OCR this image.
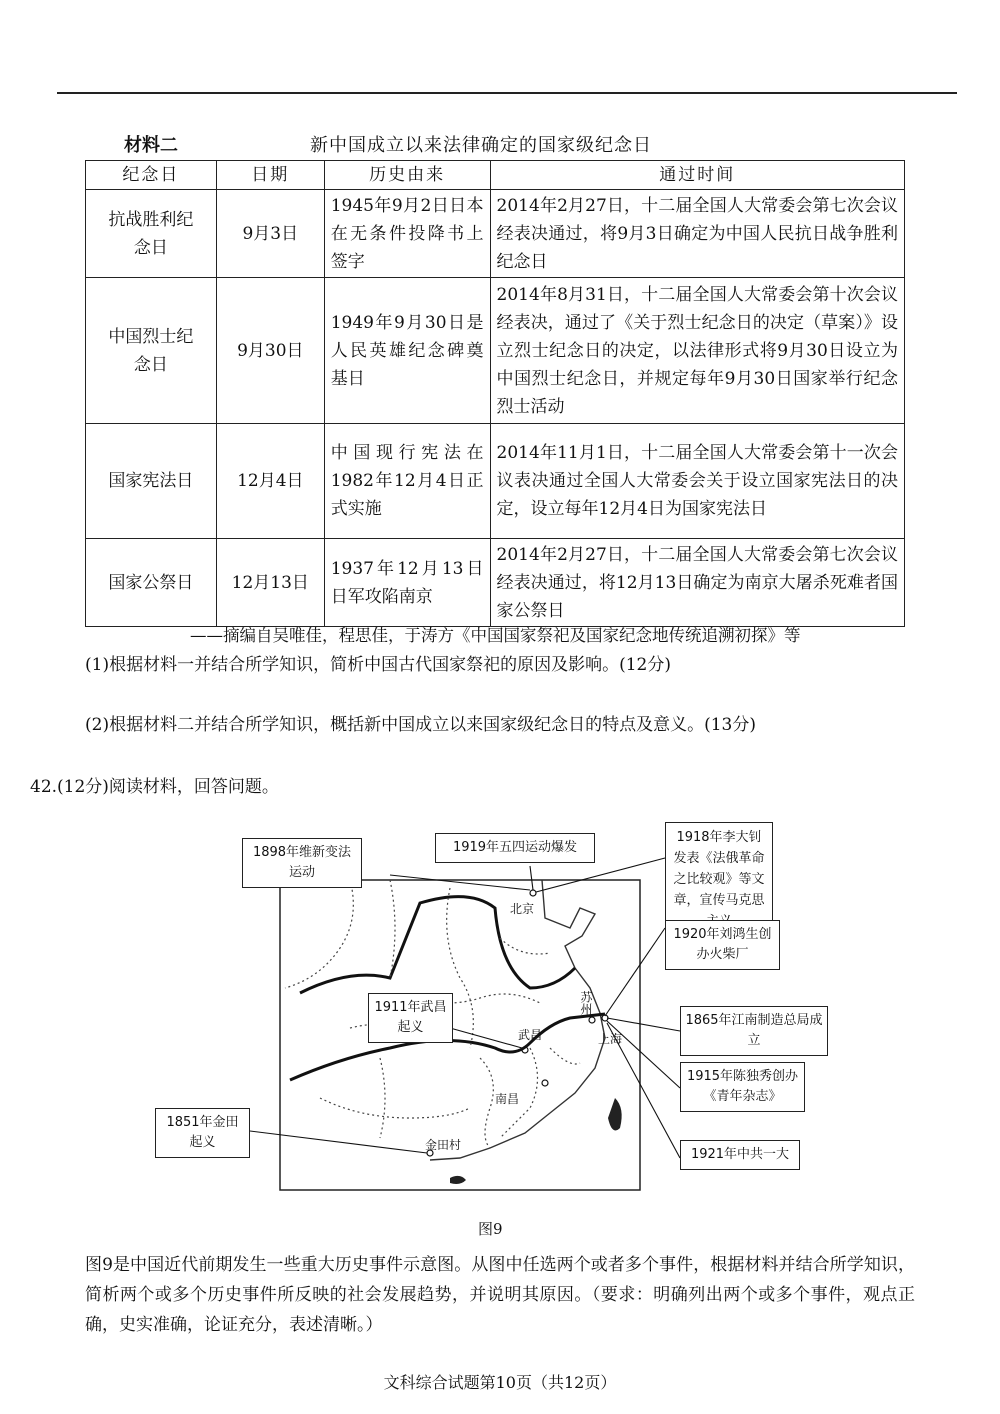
材料二	新中国成立以来法律确定的国家级纪念日
纪念日	日期	历史由来	通过时间
抗战胜利纪念日	9月3日	1945年9月2日日本在无条件投降书上签字	2014年2月27日，十二届全国人大常委会第七次会议经表决通过，将9月3日确定为中国人民抗日战争胜利纪念日
中国烈士纪念日	9月30日	1949年9月30日是人民英雄纪念碑奠基日	2014年8月31日，十二届全国人大常委会第十次会议经表决，通过了《关于烈士纪念日的决定（草案）》设立烈士纪念日的决定，以法律形式将9月30日设立为中国烈士纪念日，并规定每年9月30日国家举行纪念烈士活动
国家宪法日	12月4日	中国现行宪法在1982年12月4日正式实施	2014年11月1日，十二届全国人大常委会第十一次会议表决通过全国人大常委会关于设立国家宪法日的决定，设立每年12月4日为国家宪法日
国家公祭日	12月13日	1937年12月13日日军攻陷南京	2014年2月27日，十二届全国人大常委会第七次会议经表决通过，将12月13日确定为南京大屠杀死难者国家公祭日
——摘编自吴唯佳，程思佳，于涛方《中国国家祭祀及国家纪念地传统追溯初探》等
(1)根据材料一并结合所学知识，简析中国古代国家祭祀的原因及影响。(12分)
(2)根据材料二并结合所学知识，概括新中国成立以来国家级纪念日的特点及意义。(13分)
42.(12分)阅读材料，回答问题。
1898年维新变法运动
1919年五四运动爆发
1918年李大钊发表《法俄革命之比较观》等文章，宣传马克思
1920年刘鸿生创办火柴厂
1911年武昌起义	1865年江南制造总局成立
1915年陈独秀创办《青年杂志》
1851年金田起义
1921年中共一大
北京
苏州
上海
武昌
南昌
金田村
图9
图9是中国近代前期发生一些重大历史事件示意图。从图中任选两个或者多个事件，根据材料并结合所学知识，简析两个或多个历史事件所反映的社会发展趋势，并说明其原因。（要求：明确列出两个或多个事件，观点正确，史实准确，论证充分，表述清晰。）
文科综合试题第10页（共12页）
